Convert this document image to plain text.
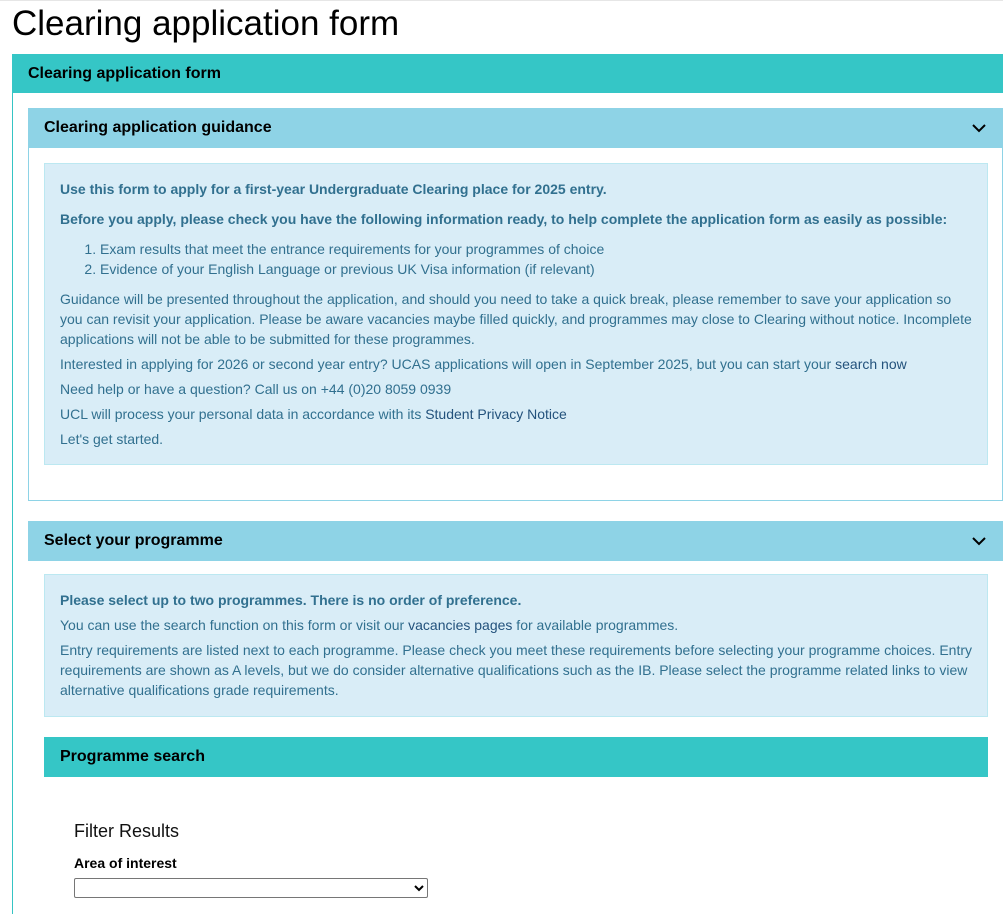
Clearing application form
Clearing application form
Clearing application guidance

Use this form to apply for a first-year Undergraduate Clearing place for 2025 entry.

Before you apply, please check you have the following information ready, to help complete the application form as easily as possible:

1. Exam results that meet the entrance requirements for your programmes of choice
2. Evidence of your English Language or previous UK Visa information (if relevant)

Guidance will be presented throughout the application, and should you need to take a quick break, please remember to save your application so you can revisit your application. Please be aware vacancies maybe filled quickly, and programmes may close to Clearing without notice. Incomplete applications will not be able to be submitted for these programmes.

Interested in applying for 2026 or second year entry? UCAS applications will open in September 2025, but you can start your search now

Need help or have a question? Call us on +44 (0)20 8059 0939

UCL will process your personal data in accordance with its Student Privacy Notice

Let's get started.

Select your programme

Please select up to two programmes. There is no order of preference.

You can use the search function on this form or visit our vacancies pages for available programmes.

Entry requirements are listed next to each programme. Please check you meet these requirements before selecting your programme choices. Entry requirements are shown as A levels, but we do consider alternative qualifications such as the IB. Please select the programme related links to view alternative qualifications grade requirements.

Programme search
Filter Results
Area of interest
